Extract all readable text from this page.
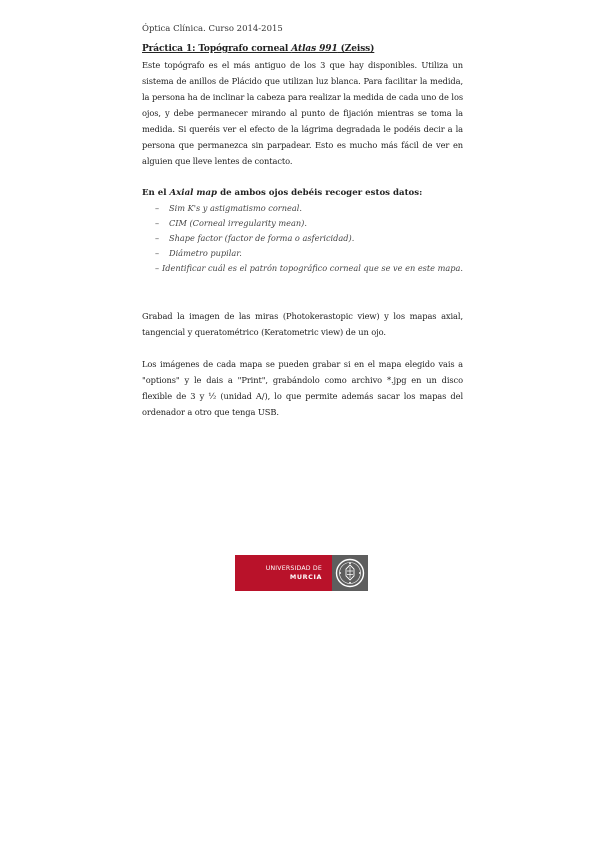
Óptica Clínica. Curso 2014-2015

Práctica 1: Topógrafo corneal Atlas 991 (Zeiss)

Este topógrafo es el más antiguo de los 3 que hay disponibles. Utiliza un sistema de anillos de Plácido que utilizan luz blanca. Para facilitar la medida, la persona ha de inclinar la cabeza para realizar la medida de cada uno de los ojos, y debe permanecer mirando al punto de fijación mientras se toma la medida. Si queréis ver el efecto de la lágrima degradada le podéis decir a la persona que permanezca sin parpadear. Esto es mucho más fácil de ver en alguien que lleve lentes de contacto.

En el Axial map de ambos ojos debéis recoger estos datos:

–	Sim K's y astigmatismo corneal.
–	CIM (Corneal irregularity mean).
–	Shape factor (factor de forma o asfericidad).
–	Diámetro pupilar.
– Identificar cuál es el patrón topográfico corneal que se ve en este mapa.

Grabad la imagen de las miras (Photokerastopic view) y los mapas axial, tangencial y queratométrico (Keratometric view) de un ojo.

Los imágenes de cada mapa se pueden grabar si en el mapa elegido vais a "options" y le dais a "Print", grabándolo como archivo *.jpg en un disco flexible de 3 y ½ (unidad A/), lo que permite además sacar los mapas del ordenador a otro que tenga USB.

UNIVERSIDAD DE
MURCIA
